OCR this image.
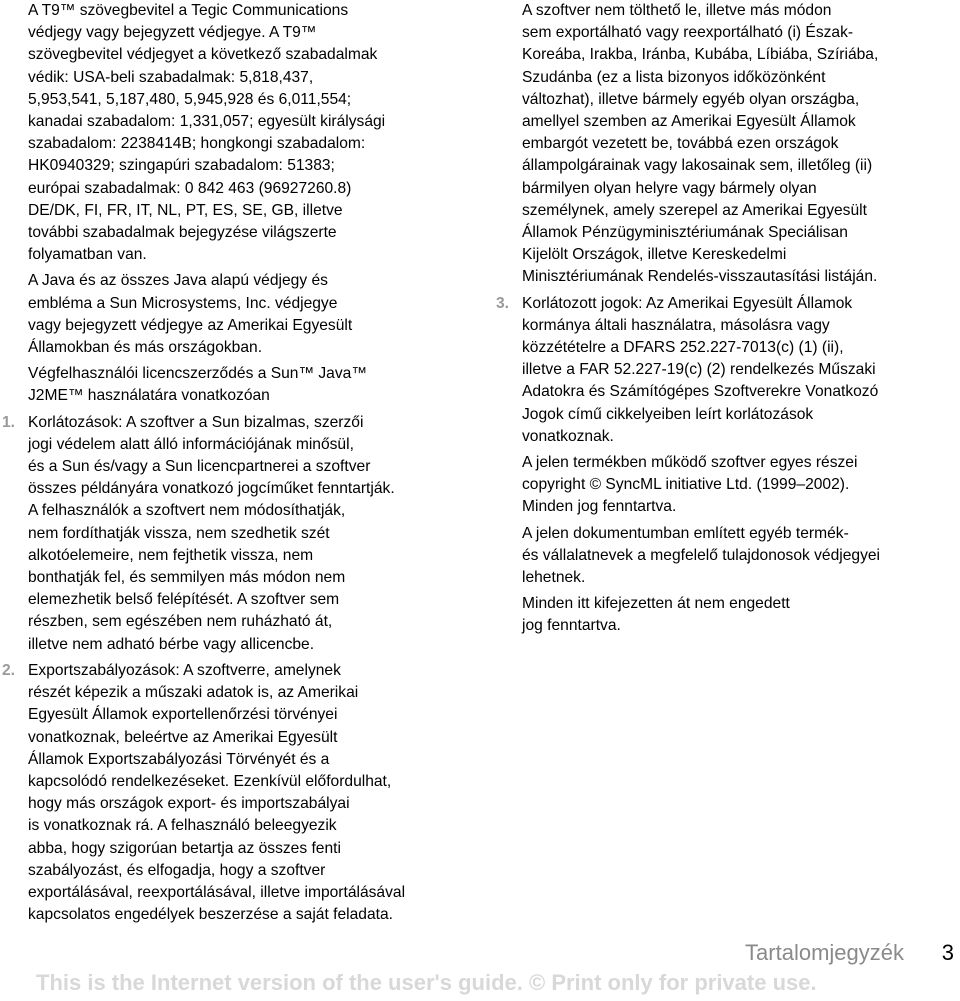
A T9™ szövegbevitel a Tegic Communications
védjegy vagy bejegyzett védjegye. A T9™
szövegbevitel védjegyet a következő szabadalmak
védik: USA-beli szabadalmak: 5,818,437,
5,953,541, 5,187,480, 5,945,928 és 6,011,554;
kanadai szabadalom: 1,331,057; egyesült királysági
szabadalom: 2238414B; hongkongi szabadalom:
HK0940329; szingapúri szabadalom: 51383;
európai szabadalmak: 0 842 463 (96927260.8)
DE/DK, FI, FR, IT, NL, PT, ES, SE, GB, illetve
további szabadalmak bejegyzése világszerte
folyamatban van.

A Java és az összes Java alapú védjegy és
embléma a Sun Microsystems, Inc. védjegye
vagy bejegyzett védjegye az Amerikai Egyesült
Államokban és más országokban.

Végfelhasználói licencszerződés a Sun™ Java™
J2ME™ használatára vonatkozóan

1. Korlátozások: A szoftver a Sun bizalmas, szerzői
jogi védelem alatt álló információjának minősül,
és a Sun és/vagy a Sun licencpartnerei a szoftver
összes példányára vonatkozó jogcíműket fenntartják.
A felhasználók a szoftvert nem módosíthatják,
nem fordíthatják vissza, nem szedhetik szét
alkotóelemeire, nem fejthetik vissza, nem
bonthatják fel, és semmilyen más módon nem
elemezhetik belső felépítését. A szoftver sem
részben, sem egészében nem ruházható át,
illetve nem adható bérbe vagy allicencbe.

2. Exportszabályozások: A szoftverre, amelynek
részét képezik a műszaki adatok is, az Amerikai
Egyesült Államok exportellenőrzési törvényei
vonatkoznak, beleértve az Amerikai Egyesült
Államok Exportszabályozási Törvényét és a
kapcsolódó rendelkezéseket. Ezenkívül előfordulhat,
hogy más országok export- és importszabályai
is vonatkoznak rá. A felhasználó beleegyezik
abba, hogy szigorúan betartja az összes fenti
szabályozást, és elfogadja, hogy a szoftver
exportálásával, reexportálásával, illetve importálásával
kapcsolatos engedélyek beszerzése a saját feladata.

A szoftver nem tölthető le, illetve más módon
sem exportálható vagy reexportálható (i) Észak-
Koreába, Irakba, Iránba, Kubába, Líbiába, Szíriába,
Szudánba (ez a lista bizonyos időközönként
változhat), illetve bármely egyéb olyan országba,
amellyel szemben az Amerikai Egyesült Államok
embargót vezetett be, továbbá ezen országok
állampolgárainak vagy lakosainak sem, illetőleg (ii)
bármilyen olyan helyre vagy bármely olyan
személynek, amely szerepel az Amerikai Egyesült
Államok Pénzügyminisztériumának Speciálisan
Kijelölt Országok, illetve Kereskedelmi
Minisztériumának Rendelés-visszautasítási listáján.

3. Korlátozott jogok: Az Amerikai Egyesült Államok
kormánya általi használatra, másolásra vagy
közzétételre a DFARS 252.227-7013(c) (1) (ii),
illetve a FAR 52.227-19(c) (2) rendelkezés Műszaki
Adatokra és Számítógépes Szoftverekre Vonatkozó
Jogok című cikkelyeiben leírt korlátozások
vonatkoznak.

A jelen termékben működő szoftver egyes részei
copyright © SyncML initiative Ltd. (1999–2002).
Minden jog fenntartva.

A jelen dokumentumban említett egyéb termék-
és vállalatnevek a megfelelő tulajdonosok védjegyei
lehetnek.

Minden itt kifejezetten át nem engedett
jog fenntartva.

Tartalomjegyzék 3
This is the Internet version of the user's guide. © Print only for private use.
